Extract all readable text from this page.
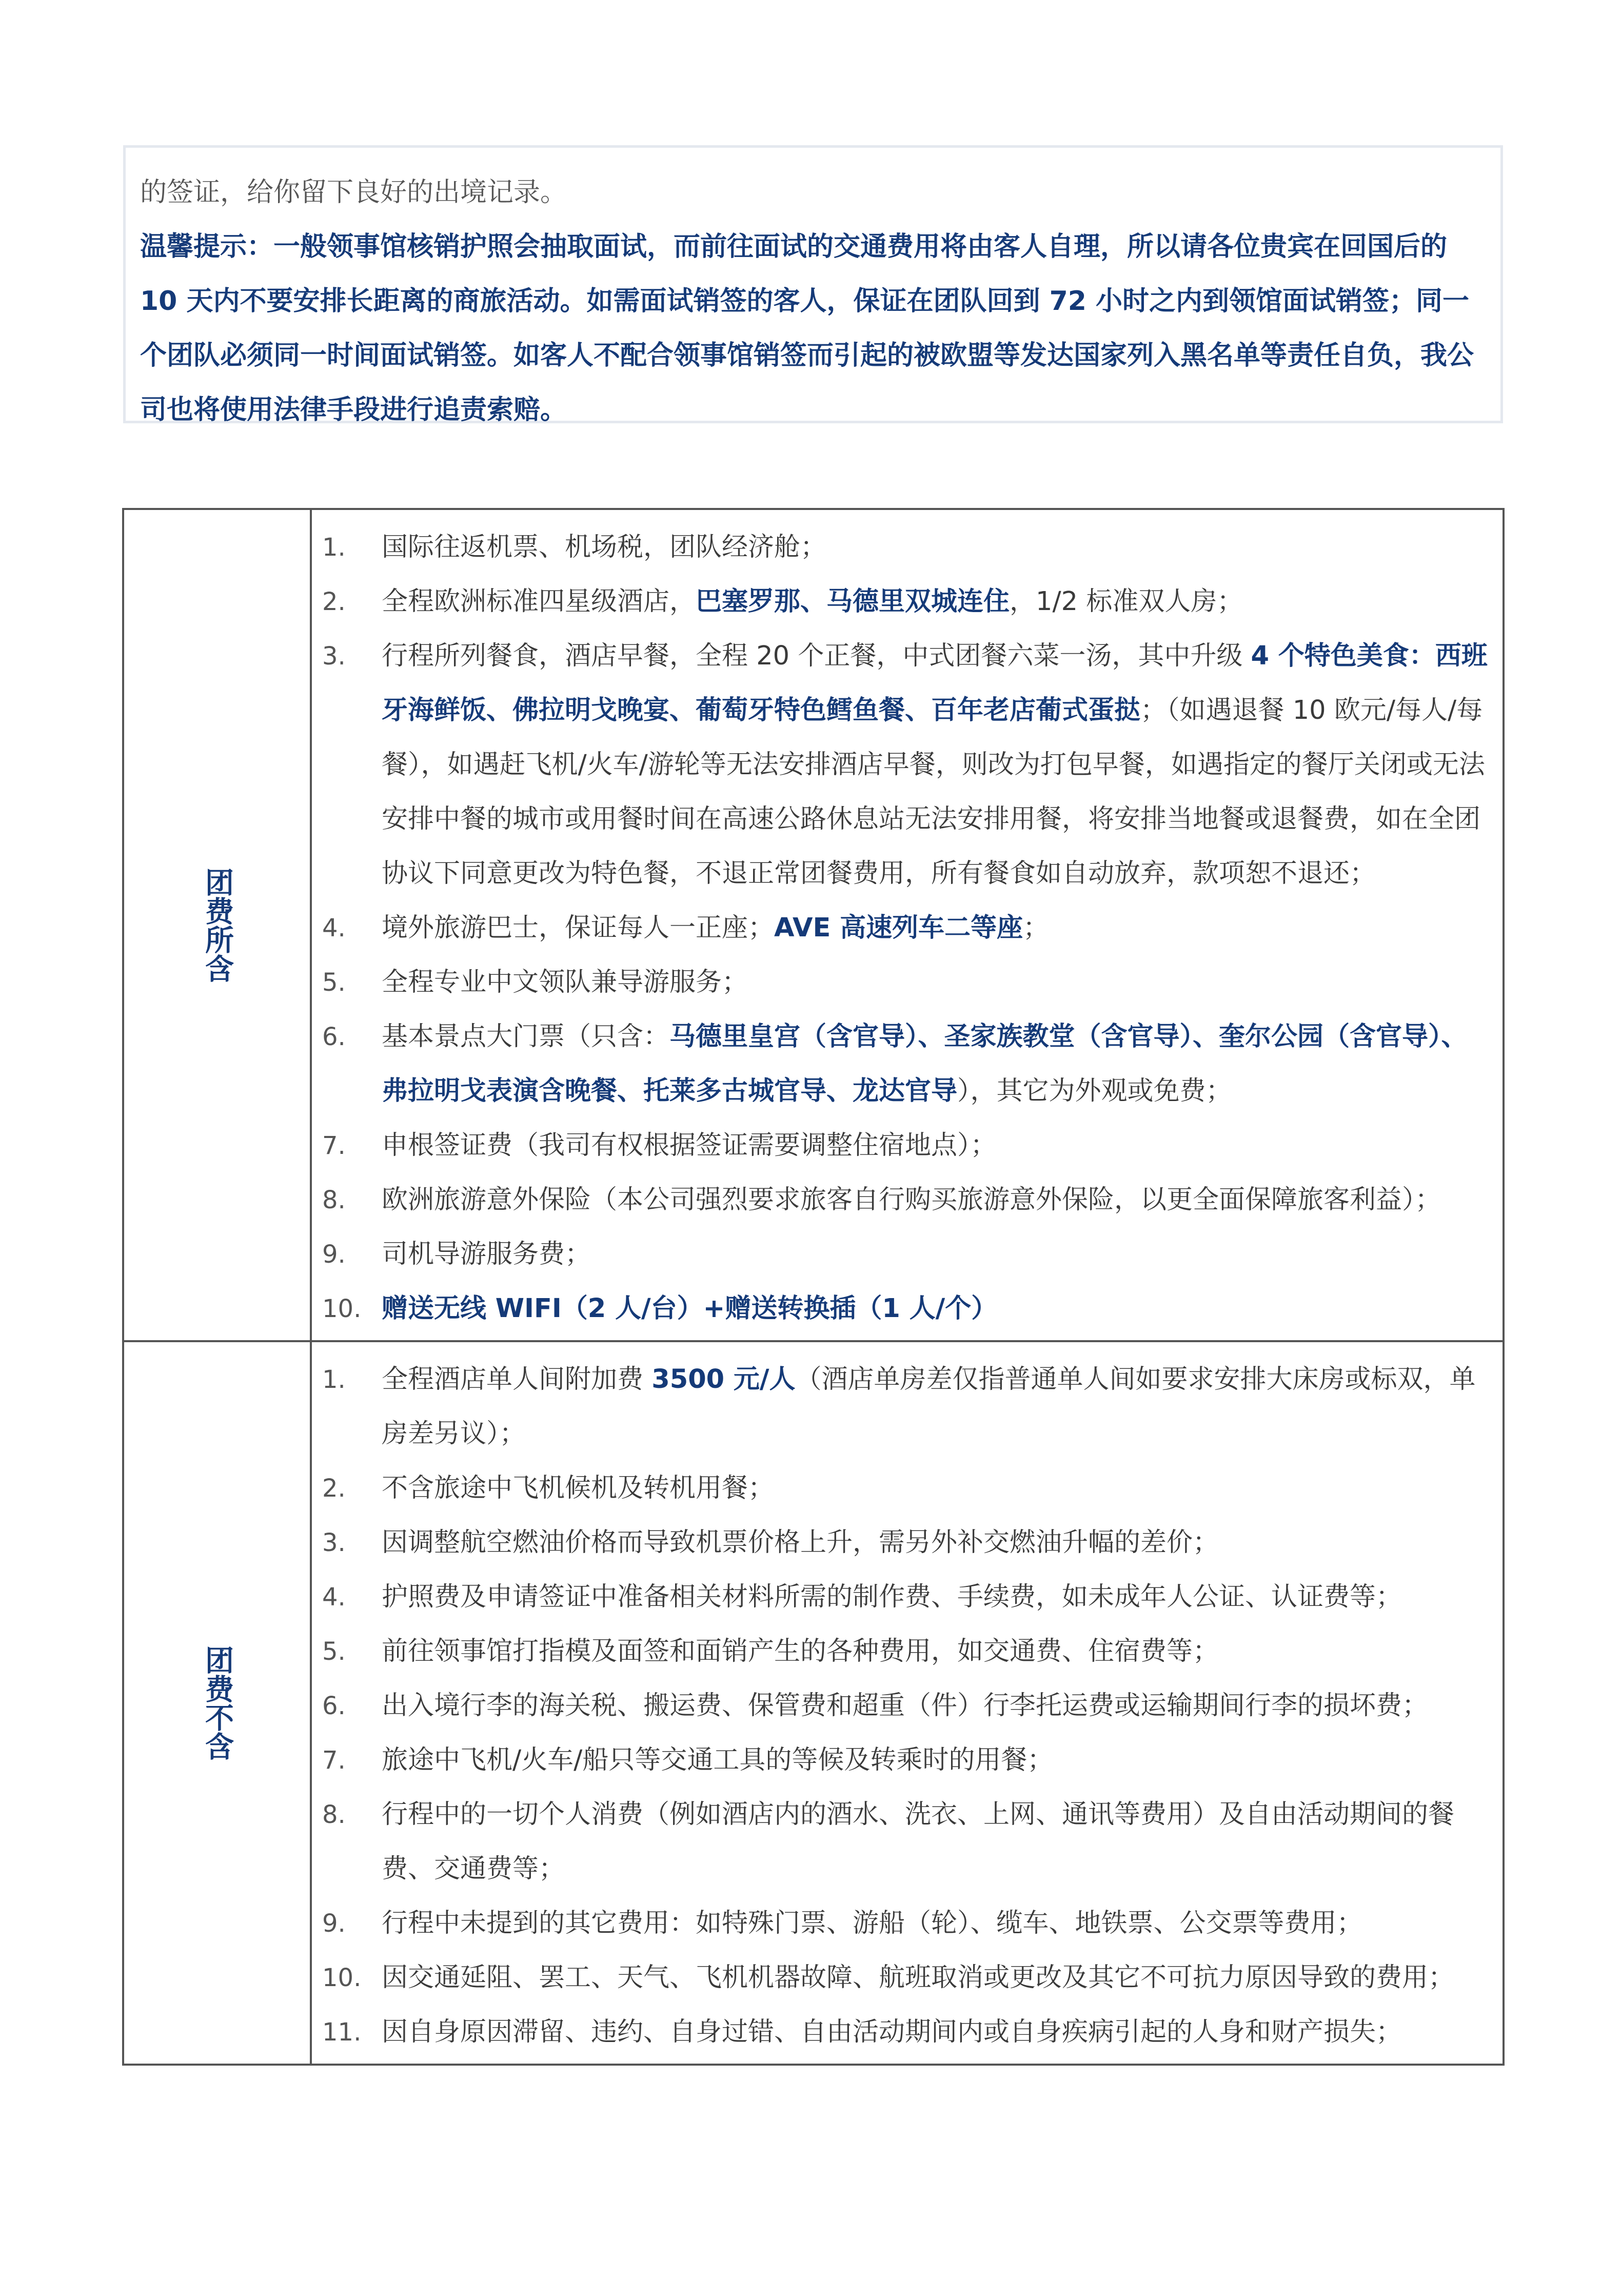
的签证，给你留下良好的出境记录。

温馨提示：一般领事馆核销护照会抽取面试，而前往面试的交通费用将由客人自理，所以请各位贵宾在回国后的 10 天内不要安排长距离的商旅活动。如需面试销签的客人，保证在团队回到 72 小时之内到领馆面试销签；同一个团队必须同一时间面试销签。如客人不配合领事馆销签而引起的被欧盟等发达国家列入黑名单等责任自负，我公司也将使用法律手段进行追责索赔。

团费所含
1.	国际往返机票、机场税，团队经济舱；
2.	全程欧洲标准四星级酒店，巴塞罗那、马德里双城连住，1/2 标准双人房；
3.	行程所列餐食，酒店早餐，全程 20 个正餐，中式团餐六菜一汤，其中升级 4 个特色美食：西班牙海鲜饭、佛拉明戈晚宴、葡萄牙特色鳕鱼餐、百年老店葡式蛋挞；（如遇退餐 10 欧元/每人/每餐），如遇赶飞机/火车/游轮等无法安排酒店早餐，则改为打包早餐，如遇指定的餐厅关闭或无法安排中餐的城市或用餐时间在高速公路休息站无法安排用餐，将安排当地餐或退餐费，如在全团协议下同意更改为特色餐，不退正常团餐费用，所有餐食如自动放弃，款项恕不退还；
4.	境外旅游巴士，保证每人一正座；AVE 高速列车二等座；
5.	全程专业中文领队兼导游服务；
6.	基本景点大门票（只含：马德里皇宫（含官导）、圣家族教堂（含官导）、奎尔公园（含官导）、弗拉明戈表演含晚餐、托莱多古城官导、龙达官导），其它为外观或免费；
7.	申根签证费（我司有权根据签证需要调整住宿地点）；
8.	欧洲旅游意外保险（本公司强烈要求旅客自行购买旅游意外保险，以更全面保障旅客利益）；
9.	司机导游服务费；
10. 赠送无线 WIFI（2 人/台）+赠送转换插（1 人/个）
团费不含
1.	全程酒店单人间附加费 3500 元/人（酒店单房差仅指普通单人间如要求安排大床房或标双，单房差另议）；
2.	不含旅途中飞机候机及转机用餐；
3.	因调整航空燃油价格而导致机票价格上升，需另外补交燃油升幅的差价；
4.	护照费及申请签证中准备相关材料所需的制作费、手续费，如未成年人公证、认证费等；
5.	前往领事馆打指模及面签和面销产生的各种费用，如交通费、住宿费等；
6.	出入境行李的海关税、搬运费、保管费和超重（件）行李托运费或运输期间行李的损坏费；
7.	旅途中飞机/火车/船只等交通工具的等候及转乘时的用餐；
8.	行程中的一切个人消费（例如酒店内的酒水、洗衣、上网、通讯等费用）及自由活动期间的餐费、交通费等；
9.	行程中未提到的其它费用：如特殊门票、游船（轮）、缆车、地铁票、公交票等费用；
10. 因交通延阻、罢工、天气、飞机机器故障、航班取消或更改及其它不可抗力原因导致的费用；
11. 因自身原因滞留、违约、自身过错、自由活动期间内或自身疾病引起的人身和财产损失；
